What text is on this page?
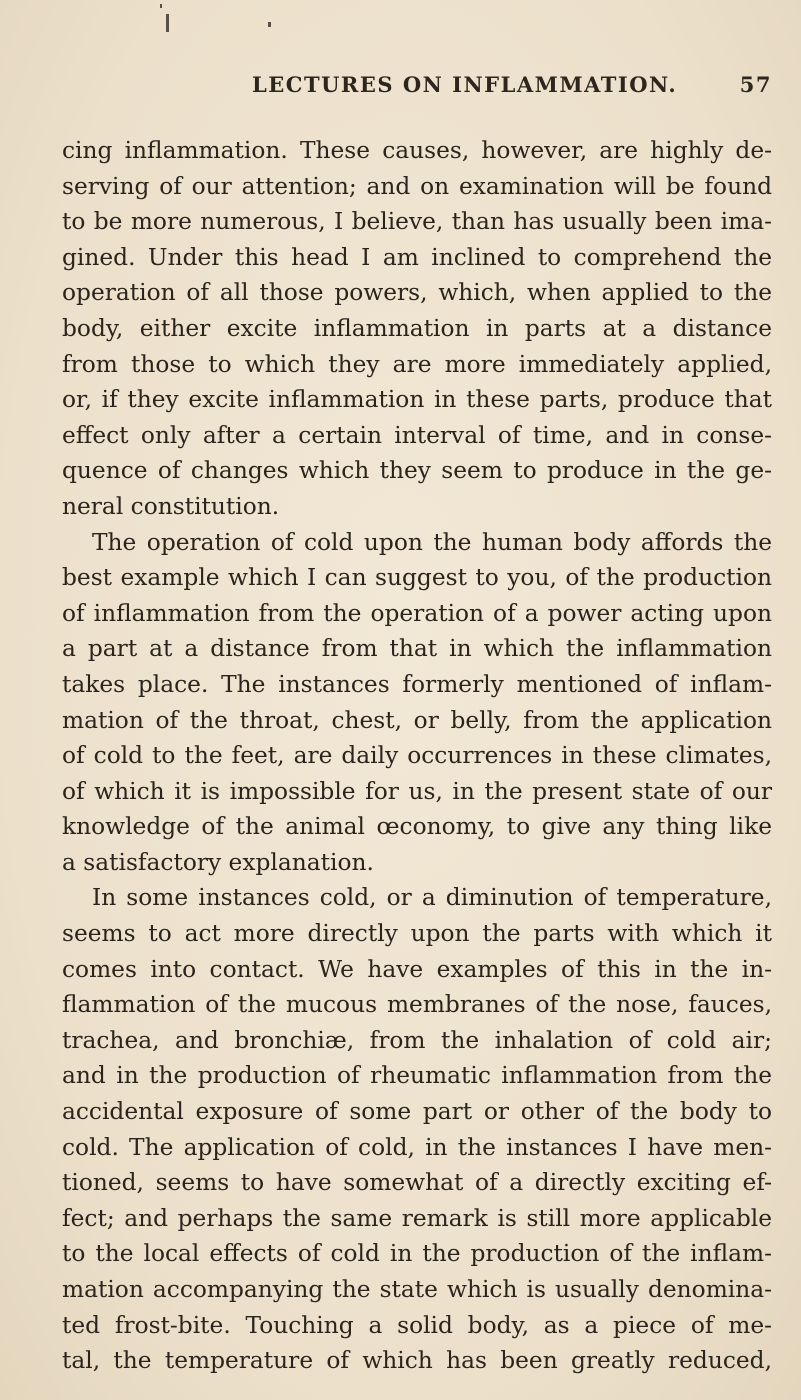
LECTURES ON INFLAMMATION.	57
cing inflammation. These causes, however, are highly de-
serving of our attention; and on examination will be found
to be more numerous, I believe, than has usually been ima-
gined. Under this head I am inclined to comprehend the
operation of all those powers, which, when applied to the
body, either excite inflammation in parts at a distance
from those to which they are more immediately applied,
or, if they excite inflammation in these parts, produce that
effect only after a certain interval of time, and in conse-
quence of changes which they seem to produce in the ge-
neral constitution.
The operation of cold upon the human body affords the
best example which I can suggest to you, of the production
of inflammation from the operation of a power acting upon
a part at a distance from that in which the inflammation
takes place. The instances formerly mentioned of inflam-
mation of the throat, chest, or belly, from the application
of cold to the feet, are daily occurrences in these climates,
of which it is impossible for us, in the present state of our
knowledge of the animal œconomy, to give any thing like
a satisfactory explanation.
In some instances cold, or a diminution of temperature,
seems to act more directly upon the parts with which it
comes into contact. We have examples of this in the in-
flammation of the mucous membranes of the nose, fauces,
trachea, and bronchiæ, from the inhalation of cold air;
and in the production of rheumatic inflammation from the
accidental exposure of some part or other of the body to
cold. The application of cold, in the instances I have men-
tioned, seems to have somewhat of a directly exciting ef-
fect; and perhaps the same remark is still more applicable
to the local effects of cold in the production of the inflam-
mation accompanying the state which is usually denomina-
ted frost-bite. Touching a solid body, as a piece of me-
tal, the temperature of which has been greatly reduced,
